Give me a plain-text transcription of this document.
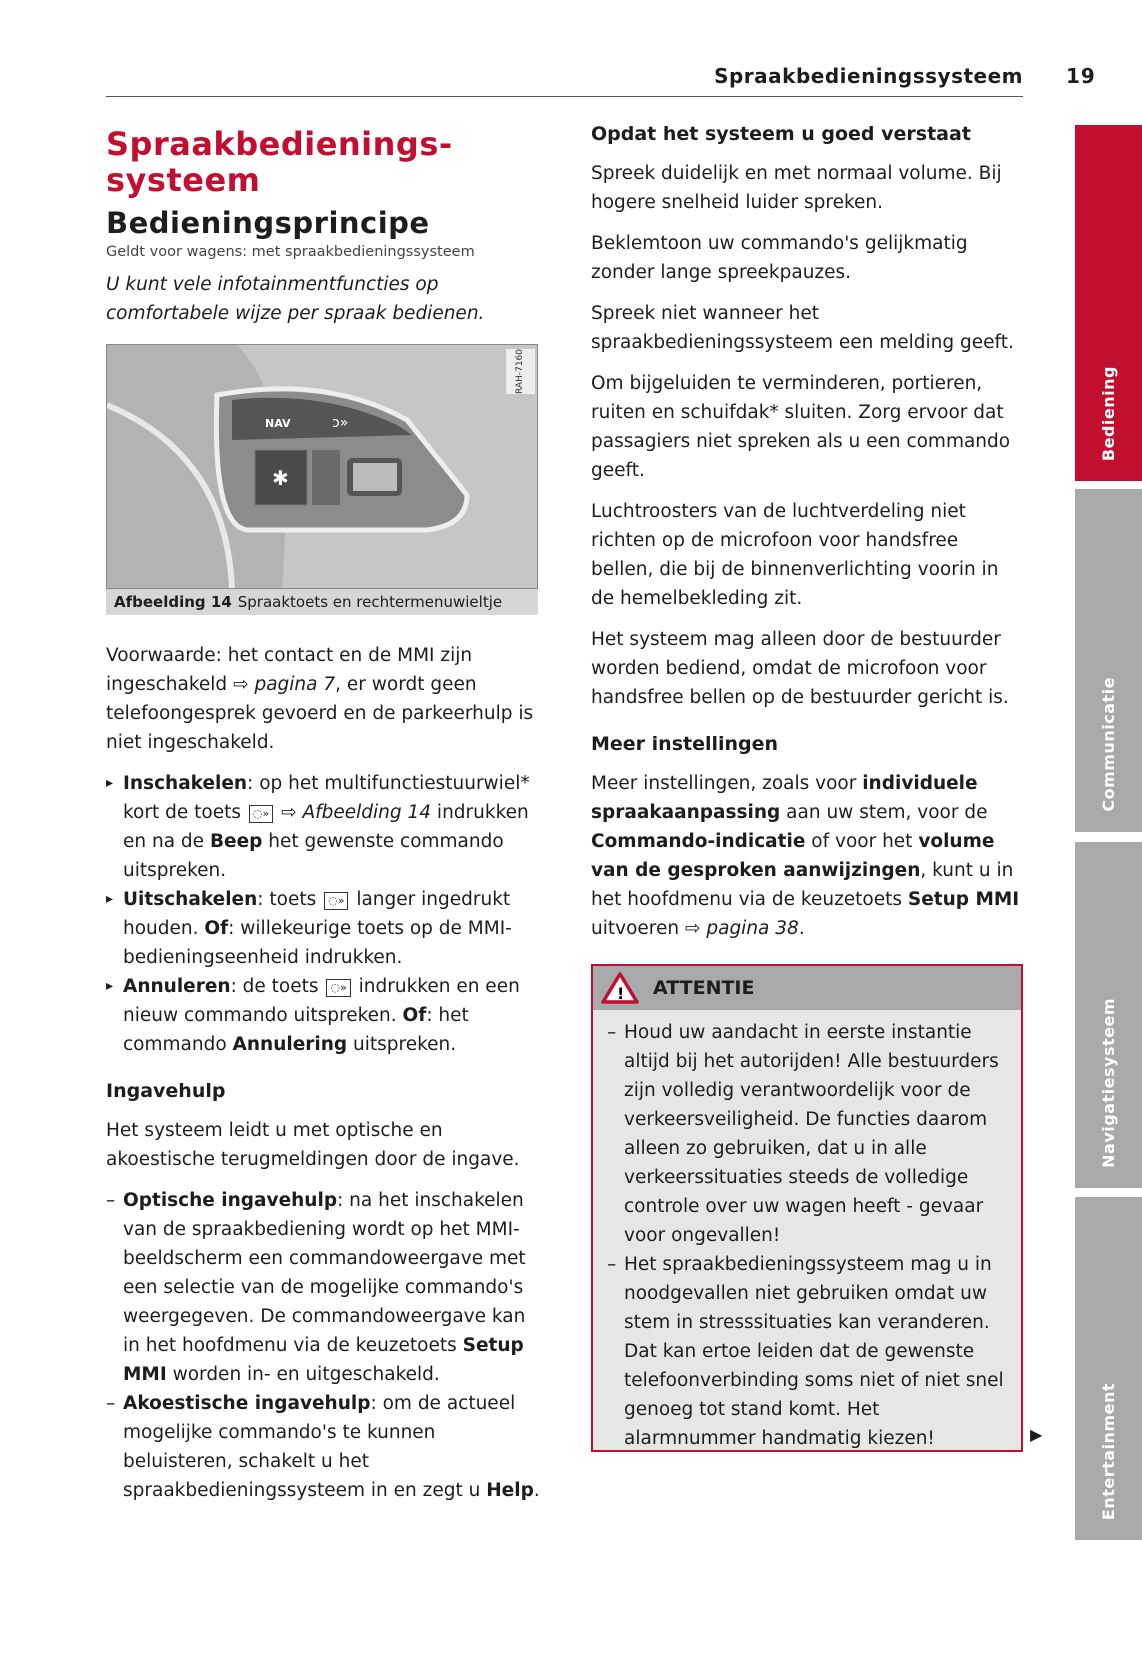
Spraakbedieningssysteem 19
Spraakbedienings-systeem
Bedieningsprincipe
Geldt voor wagens: met spraakbedieningssysteem
U kunt vele infotainmentfuncties op comfortabele wijze per spraak bedienen.
NAV	ↄ»
✱
RAH-7160
Afbeelding 14 Spraaktoets en rechtermenuwieltje

Voorwaarde: het contact en de MMI zijn ingeschakeld ⇨ pagina 7, er wordt geen telefoongesprek gevoerd en de parkeerhulp is niet ingeschakeld.

▸ Inschakelen: op het multifunctiestuurwiel* kort de toets ◌» ⇨ Afbeelding 14 indrukken en na de Beep het gewenste commando uitspreken.
▸ Uitschakelen: toets ◌» langer ingedrukt houden. Of: willekeurige toets op de MMI-bedieningseenheid indrukken.
▸ Annuleren: de toets ◌» indrukken en een nieuw commando uitspreken. Of: het commando Annulering uitspreken.
Ingavehulp

Het systeem leidt u met optische en akoestische terugmeldingen door de ingave.

– Optische ingavehulp: na het inschakelen van de spraakbediening wordt op het MMI-beeldscherm een commandoweergave met een selectie van de mogelijke commando's weergegeven. De commandoweergave kan in het hoofdmenu via de keuzetoets Setup MMI worden in- en uitgeschakeld.
– Akoestische ingavehulp: om de actueel mogelijke commando's te kunnen beluisteren, schakelt u het spraakbedieningssysteem in en zegt u Help.
Opdat het systeem u goed verstaat

Spreek duidelijk en met normaal volume. Bij hogere snelheid luider spreken.

Beklemtoon uw commando's gelijkmatig zonder lange spreekpauzes.

Spreek niet wanneer het spraakbedieningssysteem een melding geeft.

Om bijgeluiden te verminderen, portieren, ruiten en schuifdak* sluiten. Zorg ervoor dat passagiers niet spreken als u een commando geeft.

Luchtroosters van de luchtverdeling niet richten op de microfoon voor handsfree bellen, die bij de binnenverlichting voorin in de hemelbekleding zit.

Het systeem mag alleen door de bestuurder worden bediend, omdat de microfoon voor handsfree bellen op de bestuurder gericht is.

Meer instellingen

Meer instellingen, zoals voor individuele spraakaanpassing aan uw stem, voor de Commando-indicatie of voor het volume van de gesproken aanwijzingen, kunt u in het hoofdmenu via de keuzetoets Setup MMI uitvoeren ⇨ pagina 38.

! ATTENTIE
– Houd uw aandacht in eerste instantie altijd bij het autorijden! Alle bestuurders zijn volledig verantwoordelijk voor de verkeersveiligheid. De functies daarom alleen zo gebruiken, dat u in alle verkeerssituaties steeds de volledige controle over uw wagen heeft - gevaar voor ongevallen!
– Het spraakbedieningssysteem mag u in noodgevallen niet gebruiken omdat uw stem in stresssituaties kan veranderen. Dat kan ertoe leiden dat de gewenste telefoonverbinding soms niet of niet snel genoeg tot stand komt. Het alarmnummer handmatig kiezen!	▶
Bediening
Communicatie
Navigatiesysteem
Entertainment
